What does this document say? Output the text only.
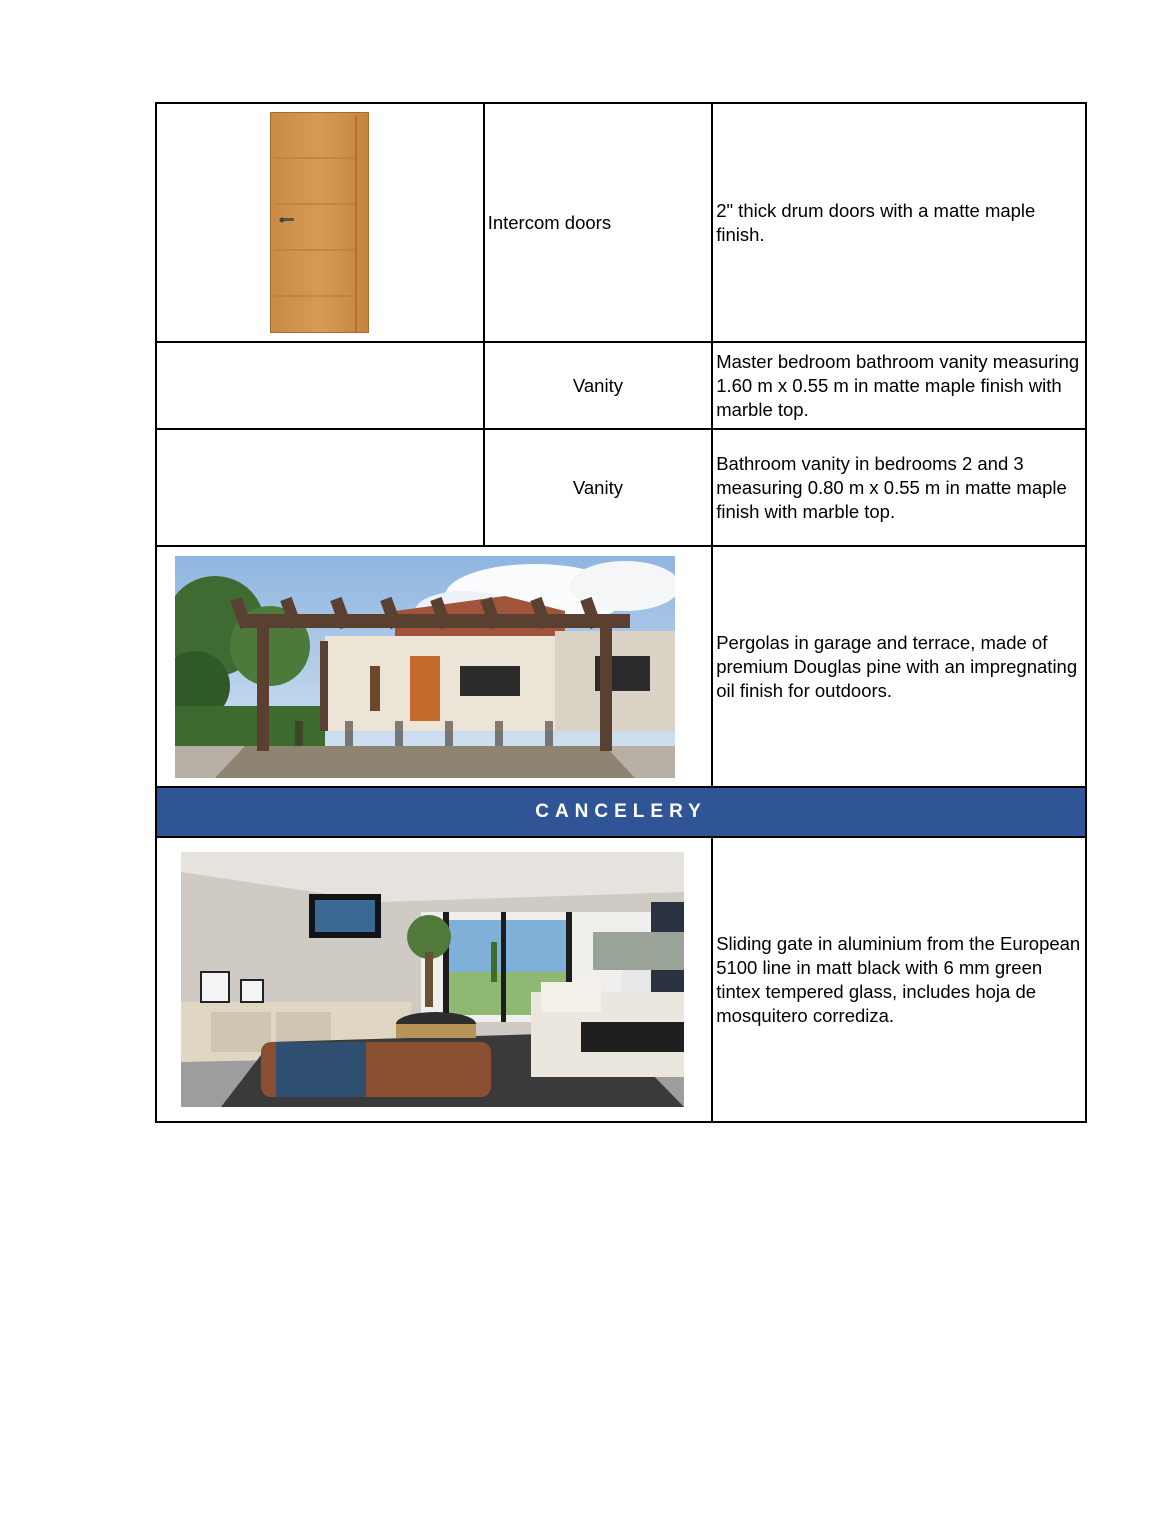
	Intercom doors	2" thick drum doors with a matte maple finish.
	Vanity	Master bedroom bathroom vanity measuring 1.60 m x 0.55 m in matte maple finish with marble top.
	Vanity	Bathroom vanity in bedrooms 2 and 3 measuring 0.80 m x 0.55 m in matte maple finish with marble top.

	Pergolas in garage and terrace, made of premium Douglas pine with an impregnating oil finish for outdoors.
CANCELERY		

	Sliding gate in aluminium from the European 5100 line in matt black with 6 mm green tintex tempered glass, includes hoja de mosquitero corrediza.
